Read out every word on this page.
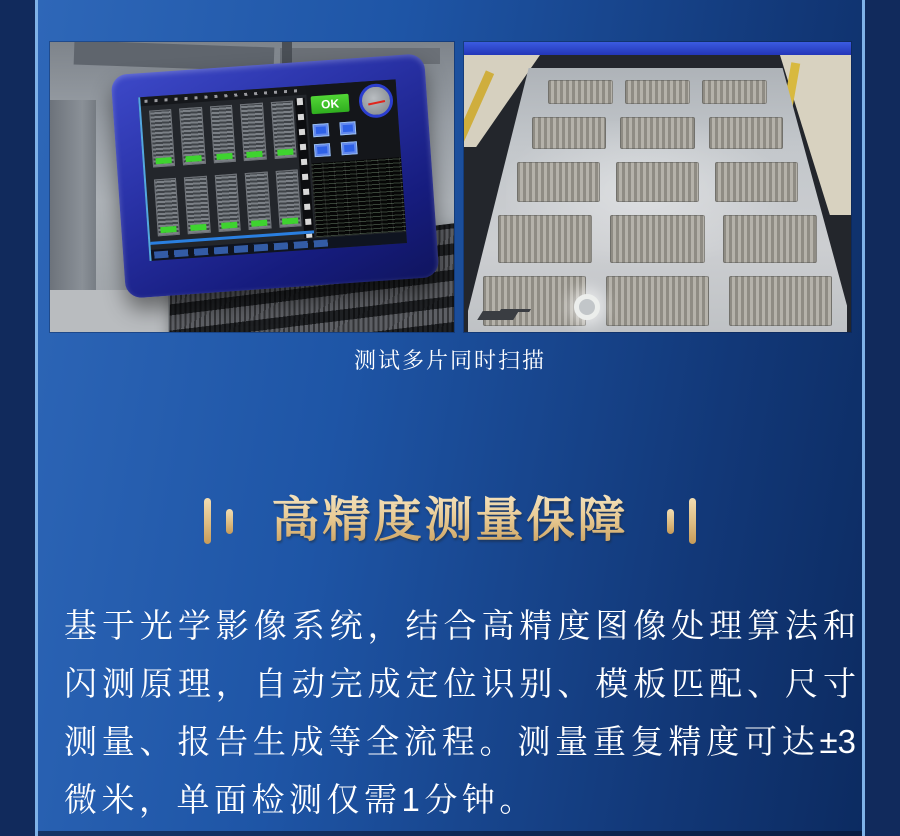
OK

测试多片同时扫描
高精度测量保障
基于光学影像系统，结合高精度图像处理算法和
闪测原理，自动完成定位识别、模板匹配、尺寸
测量、报告生成等全流程。测量重复精度可达±3
微米，单面检测仅需1分钟。
